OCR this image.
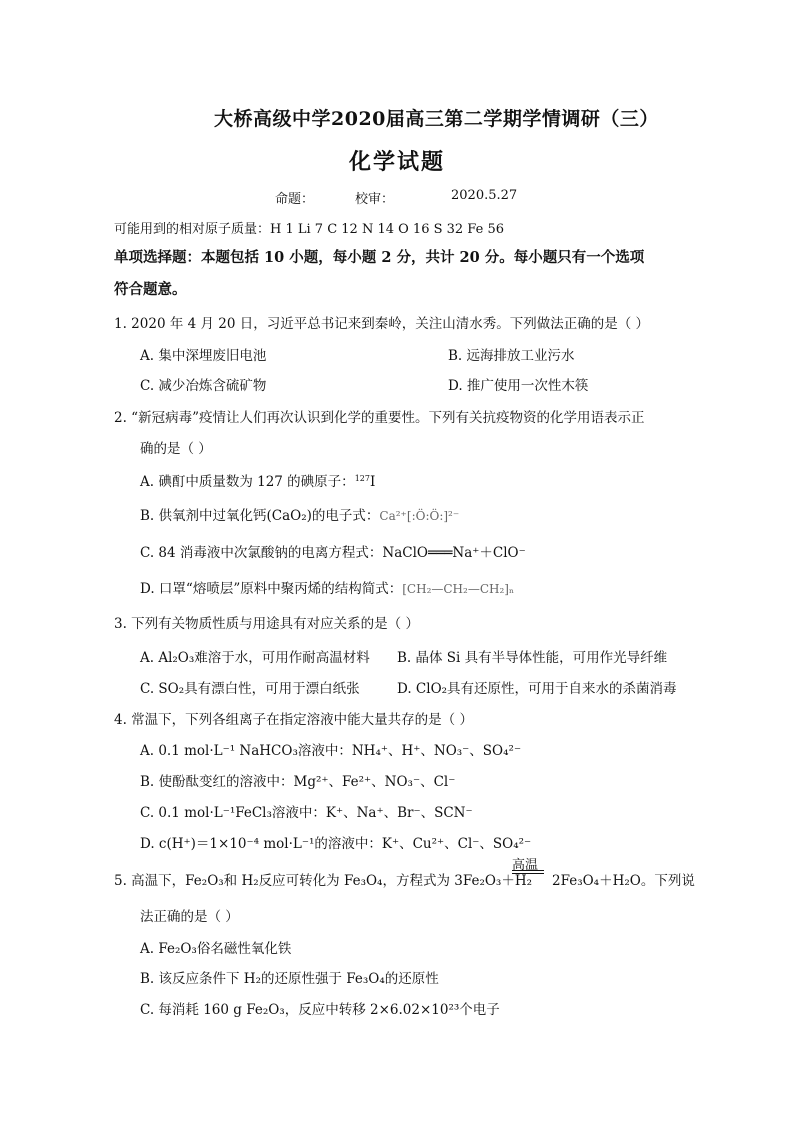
大桥高级中学2020届高三第二学期学情调研（三）
化学试题
命题：	校审：	2020.5.27
可能用到的相对原子质量：H 1 Li 7 C 12 N 14 O 16 S 32 Fe 56
单项选择题：本题包括 10 小题，每小题 2 分，共计 20 分。每小题只有一个选项
符合题意。
1. 2020 年 4 月 20 日，习近平总书记来到秦岭，关注山清水秀。下列做法正确的是（ ）
A. 集中深埋废旧电池	B. 远海排放工业污水
C. 减少冶炼含硫矿物	D. 推广使用一次性木筷
2. “新冠病毒”疫情让人们再次认识到化学的重要性。下列有关抗疫物资的化学用语表示正
确的是（ ）
A. 碘酊中质量数为 127 的碘原子：$^{127}$I
B. 供氧剂中过氧化钙(CaO₂)的电子式：Ca²⁺[:Ö:Ö:]²⁻
C. 84 消毒液中次氯酸钠的电离方程式：NaClO═══Na⁺＋ClO⁻
D. 口罩“熔喷层”原料中聚丙烯的结构简式：[CH₂—CH₂—CH₂]ₙ
3. 下列有关物质性质与用途具有对应关系的是（ ）
A. Al₂O₃难溶于水，可用作耐高温材料 B. 晶体 Si 具有半导体性能，可用作光导纤维
C. SO₂具有漂白性，可用于漂白纸张	D. ClO₂具有还原性，可用于自来水的杀菌消毒
4. 常温下，下列各组离子在指定溶液中能大量共存的是（ ）
A. 0.1 mol·L⁻¹ NaHCO₃溶液中：NH₄⁺、H⁺、NO₃⁻、SO₄²⁻
B. 使酚酞变红的溶液中：Mg²⁺、Fe²⁺、NO₃⁻、Cl⁻
C. 0.1 mol·L⁻¹FeCl₃溶液中：K⁺、Na⁺、Br⁻、SCN⁻
D. c(H⁺)＝1×10⁻⁴ mol·L⁻¹的溶液中：K⁺、Cu²⁺、Cl⁻、SO₄²⁻
5. 高温下，Fe₂O₃和 H₂反应可转化为 Fe₃O₄，方程式为 3Fe₂O₃＋H₂
高温
2Fe₃O₄＋H₂O。下列说
法正确的是（ ）
A. Fe₂O₃俗名磁性氧化铁
B. 该反应条件下 H₂的还原性强于 Fe₃O₄的还原性
C. 每消耗 160 g Fe₂O₃，反应中转移 2×6.02×10²³个电子
